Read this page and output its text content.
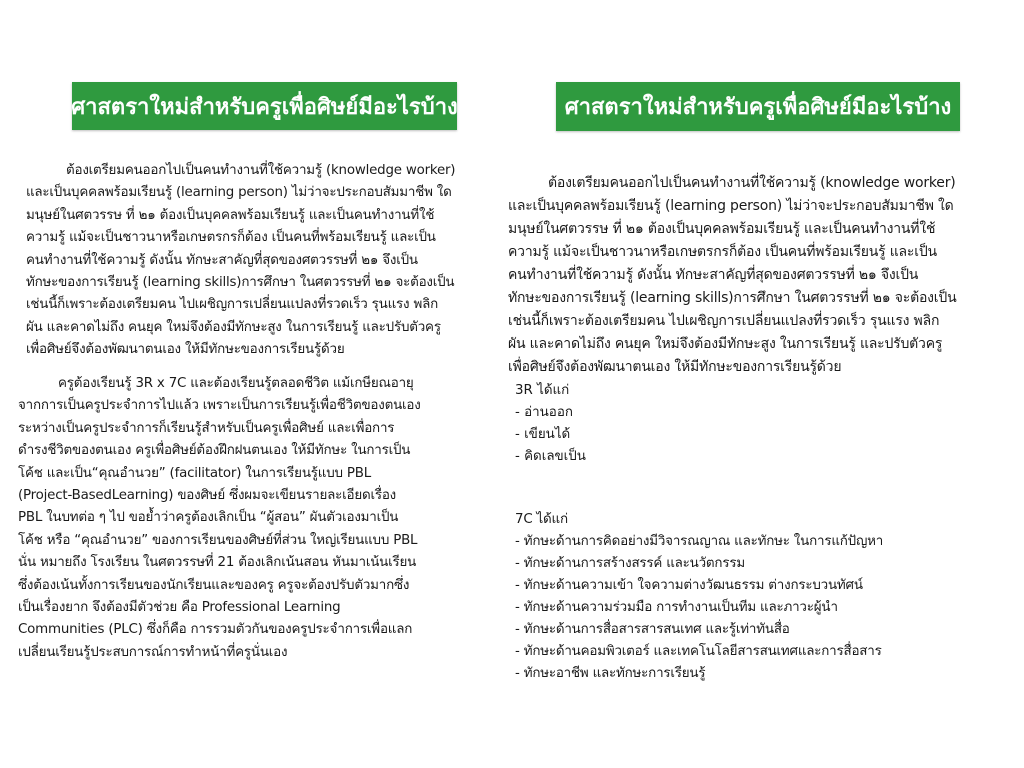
ศาสตราใหม่สำหรับครูเพื่อศิษย์มีอะไรบ้าง	ศาสตราใหม่สำหรับครูเพื่อศิษย์มีอะไรบ้าง
ต้องเตรียมคนออกไปเป็นคนทำงานที่ใช้ความรู้ (knowledge worker)
และเป็นบุคคลพร้อมเรียนรู้ (learning person) ไม่ว่าจะประกอบสัมมาชีพ ใด
มนุษย์ในศตวรรษ ที่ ๒๑ ต้องเป็นบุคคลพร้อมเรียนรู้ และเป็นคนทำงานที่ใช้
ความรู้ แม้จะเป็นชาวนาหรือเกษตรกรก็ต้อง เป็นคนที่พร้อมเรียนรู้ และเป็น
คนทำงานที่ใช้ความรู้ ดังนั้น ทักษะสาคัญที่สุดของศตวรรษที่ ๒๑ จึงเป็น
ทักษะของการเรียนรู้ (learning skills)การศึกษา ในศตวรรษที่ ๒๑ จะต้องเป็น
เช่นนี้ก็เพราะต้องเตรียมคน ไปเผชิญการเปลี่ยนแปลงที่รวดเร็ว รุนแรง พลิก
ผัน และคาดไม่ถึง คนยุค ใหม่จึงต้องมีทักษะสูง ในการเรียนรู้ และปรับตัวครู
เพื่อศิษย์จึงต้องพัฒนาตนเอง ให้มีทักษะของการเรียนรู้ด้วย
ครูต้องเรียนรู้ 3R x 7C และต้องเรียนรู้ตลอดชีวิต แม้เกษียณอายุ
จากการเป็นครูประจำการไปแล้ว เพราะเป็นการเรียนรู้เพื่อชีวิตของตนเอง
ระหว่างเป็นครูประจำการก็เรียนรู้สำหรับเป็นครูเพื่อศิษย์ และเพื่อการ
ดำรงชีวิตของตนเอง ครูเพื่อศิษย์ต้องฝึกฝนตนเอง ให้มีทักษะ ในการเป็น
โค้ช และเป็น“คุณอำนวย” (facilitator) ในการเรียนรู้แบบ PBL
(Project-BasedLearning) ของศิษย์ ซึ่งผมจะเขียนรายละเอียดเรื่อง
PBL ในบทต่อ ๆ ไป ขอย้ำว่าครูต้องเลิกเป็น “ผู้สอน” ผันตัวเองมาเป็น
โค้ช หรือ “คุณอำนวย” ของการเรียนของศิษย์ที่ส่วน ใหญ่เรียนแบบ PBL
นั่น หมายถึง โรงเรียน ในศตวรรษที่ 21 ต้องเลิกเน้นสอน หันมาเน้นเรียน
ซึ่งต้องเน้นทั้งการเรียนของนักเรียนและของครู ครูจะต้องปรับตัวมากซึ่ง
เป็นเรื่องยาก จึงต้องมีตัวช่วย คือ Professional Learning
Communities (PLC) ซึ่งก็คือ การรวมตัวกันของครูประจำการเพื่อแลก
เปลี่ยนเรียนรู้ประสบการณ์การทำหน้าที่ครูนั่นเอง
ต้องเตรียมคนออกไปเป็นคนทำงานที่ใช้ความรู้ (knowledge worker)
และเป็นบุคคลพร้อมเรียนรู้ (learning person) ไม่ว่าจะประกอบสัมมาชีพ ใด
มนุษย์ในศตวรรษ ที่ ๒๑ ต้องเป็นบุคคลพร้อมเรียนรู้ และเป็นคนทำงานที่ใช้
ความรู้ แม้จะเป็นชาวนาหรือเกษตรกรก็ต้อง เป็นคนที่พร้อมเรียนรู้ และเป็น
คนทำงานที่ใช้ความรู้ ดังนั้น ทักษะสาคัญที่สุดของศตวรรษที่ ๒๑ จึงเป็น
ทักษะของการเรียนรู้ (learning skills)การศึกษา ในศตวรรษที่ ๒๑ จะต้องเป็น
เช่นนี้ก็เพราะต้องเตรียมคน ไปเผชิญการเปลี่ยนแปลงที่รวดเร็ว รุนแรง พลิก
ผัน และคาดไม่ถึง คนยุค ใหม่จึงต้องมีทักษะสูง ในการเรียนรู้ และปรับตัวครู
เพื่อศิษย์จึงต้องพัฒนาตนเอง ให้มีทักษะของการเรียนรู้ด้วย
3R ได้แก่
- อ่านออก
- เขียนได้
- คิดเลขเป็น
7C ได้แก่
- ทักษะด้านการคิดอย่างมีวิจารณญาณ และทักษะ ในการแก้ปัญหา
- ทักษะด้านการสร้างสรรค์ และนวัตกรรม
- ทักษะด้านความเข้า ใจความต่างวัฒนธรรม ต่างกระบวนทัศน์
- ทักษะด้านความร่วมมือ การทำงานเป็นทีม และภาวะผู้นำ
- ทักษะด้านการสื่อสารสารสนเทศ และรู้เท่าทันสื่อ
- ทักษะด้านคอมพิวเตอร์ และเทคโนโลยีสารสนเทศและการสื่อสาร
- ทักษะอาชีพ และทักษะการเรียนรู้
